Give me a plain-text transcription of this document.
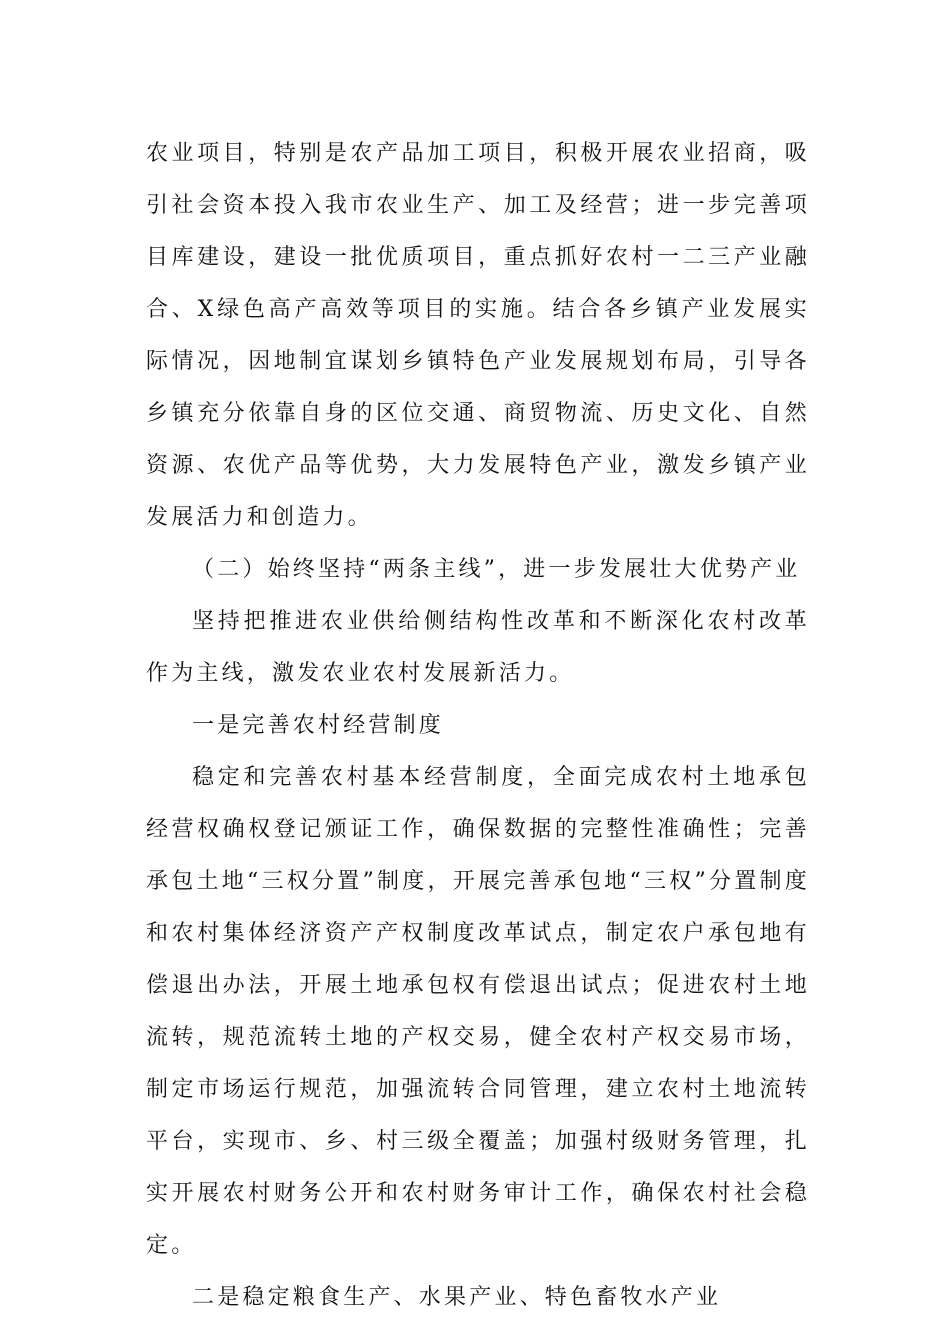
农业项目，特别是农产品加工项目，积极开展农业招商，吸引社会资本投入我市农业生产、加工及经营；进一步完善项目库建设，建设一批优质项目，重点抓好农村一二三产业融合、X绿色高产高效等项目的实施。结合各乡镇产业发展实际情况，因地制宜谋划乡镇特色产业发展规划布局，引导各乡镇充分依靠自身的区位交通、商贸物流、历史文化、自然资源、农优产品等优势，大力发展特色产业，激发乡镇产业发展活力和创造力。

（二）始终坚持“两条主线”，进一步发展壮大优势产业

坚持把推进农业供给侧结构性改革和不断深化农村改革作为主线，激发农业农村发展新活力。

一是完善农村经营制度

稳定和完善农村基本经营制度，全面完成农村土地承包经营权确权登记颁证工作，确保数据的完整性准确性；完善承包土地“三权分置”制度，开展完善承包地“三权”分置制度和农村集体经济资产产权制度改革试点，制定农户承包地有偿退出办法，开展土地承包权有偿退出试点；促进农村土地流转，规范流转土地的产权交易，健全农村产权交易市场，制定市场运行规范，加强流转合同管理，建立农村土地流转平台，实现市、乡、村三级全覆盖；加强村级财务管理，扎实开展农村财务公开和农村财务审计工作，确保农村社会稳定。

二是稳定粮食生产、水果产业、特色畜牧水产业
